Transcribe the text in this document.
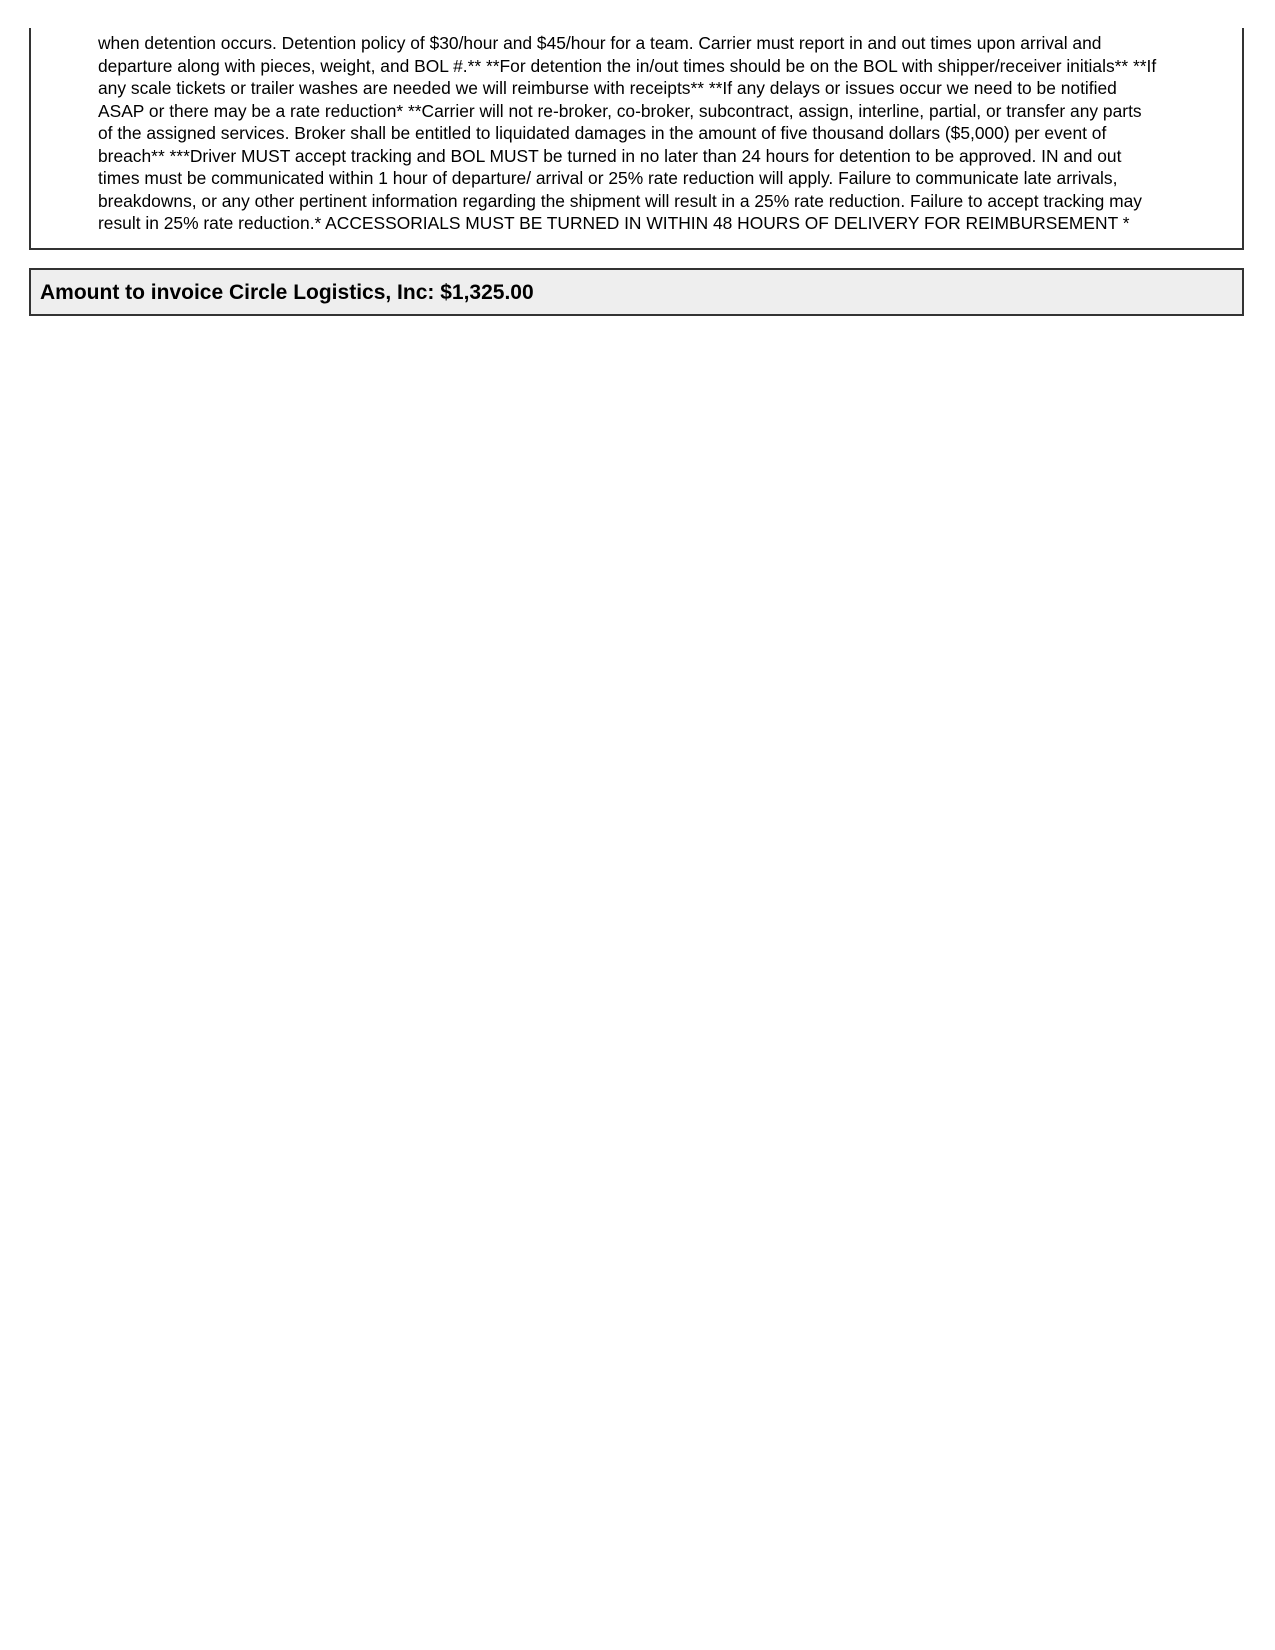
when detention occurs. Detention policy of $30/hour and $45/hour for a team. Carrier must report in and out times upon arrival and
departure along with pieces, weight, and BOL #.** **For detention the in/out times should be on the BOL with shipper/receiver initials** **If
any scale tickets or trailer washes are needed we will reimburse with receipts** **If any delays or issues occur we need to be notified
ASAP or there may be a rate reduction* **Carrier will not re-broker, co-broker, subcontract, assign, interline, partial, or transfer any parts
of the assigned services. Broker shall be entitled to liquidated damages in the amount of five thousand dollars ($5,000) per event of
breach** ***Driver MUST accept tracking and BOL MUST be turned in no later than 24 hours for detention to be approved. IN and out
times must be communicated within 1 hour of departure/ arrival or 25% rate reduction will apply. Failure to communicate late arrivals,
breakdowns, or any other pertinent information regarding the shipment will result in a 25% rate reduction. Failure to accept tracking may
result in 25% rate reduction.* ACCESSORIALS MUST BE TURNED IN WITHIN 48 HOURS OF DELIVERY FOR REIMBURSEMENT *
Amount to invoice Circle Logistics, Inc: $1,325.00
